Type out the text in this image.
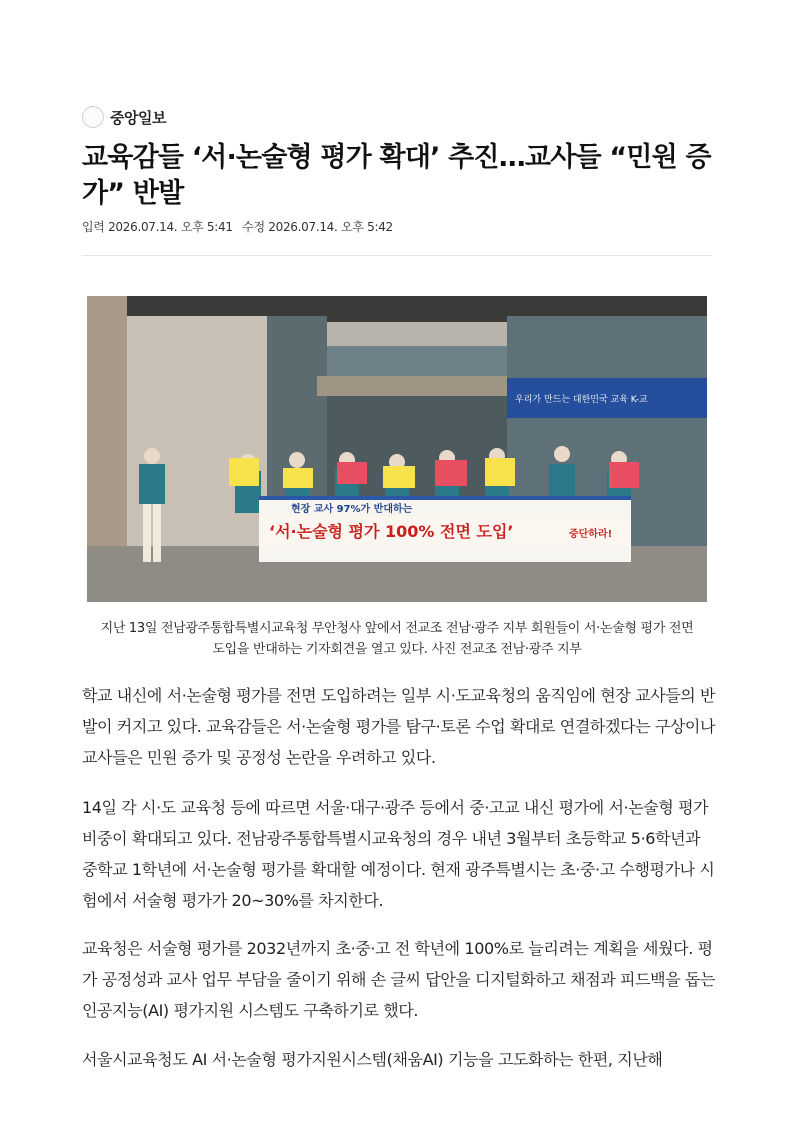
중앙일보
교육감들 ‘서·논술형 평가 확대’ 추진…교사들 “민원 증가” 반발
입력 2026.07.14. 오후 5:41 수정 2026.07.14. 오후 5:42
현장 교사 97%가 반대하는
‘서·논술형 평가 100% 전면 도입’	중단하라!
우리가 만드는 대한민국 교육 K-교

지난 13일 전남광주통합특별시교육청 무안청사 앞에서 전교조 전남·광주 지부 회원들이 서·논술형 평가 전면 도입을 반대하는 기자회견을 열고 있다. 사진 전교조 전남·광주 지부

학교 내신에 서·논술형 평가를 전면 도입하려는 일부 시·도교육청의 움직임에 현장 교사들의 반발이 커지고 있다. 교육감들은 서·논술형 평가를 탐구·토론 수업 확대로 연결하겠다는 구상이나 교사들은 민원 증가 및 공정성 논란을 우려하고 있다.

14일 각 시·도 교육청 등에 따르면 서울·대구·광주 등에서 중·고교 내신 평가에 서·논술형 평가 비중이 확대되고 있다. 전남광주통합특별시교육청의 경우 내년 3월부터 초등학교 5·6학년과 중학교 1학년에 서·논술형 평가를 확대할 예정이다. 현재 광주특별시는 초·중·고 수행평가나 시험에서 서술형 평가가 20~30%를 차지한다.

교육청은 서술형 평가를 2032년까지 초·중·고 전 학년에 100%로 늘리려는 계획을 세웠다. 평가 공정성과 교사 업무 부담을 줄이기 위해 손 글씨 답안을 디지털화하고 채점과 피드백을 돕는 인공지능(AI) 평가지원 시스템도 구축하기로 했다.

서울시교육청도 AI 서·논술형 평가지원시스템(채움AI) 기능을 고도화하는 한편, 지난해
